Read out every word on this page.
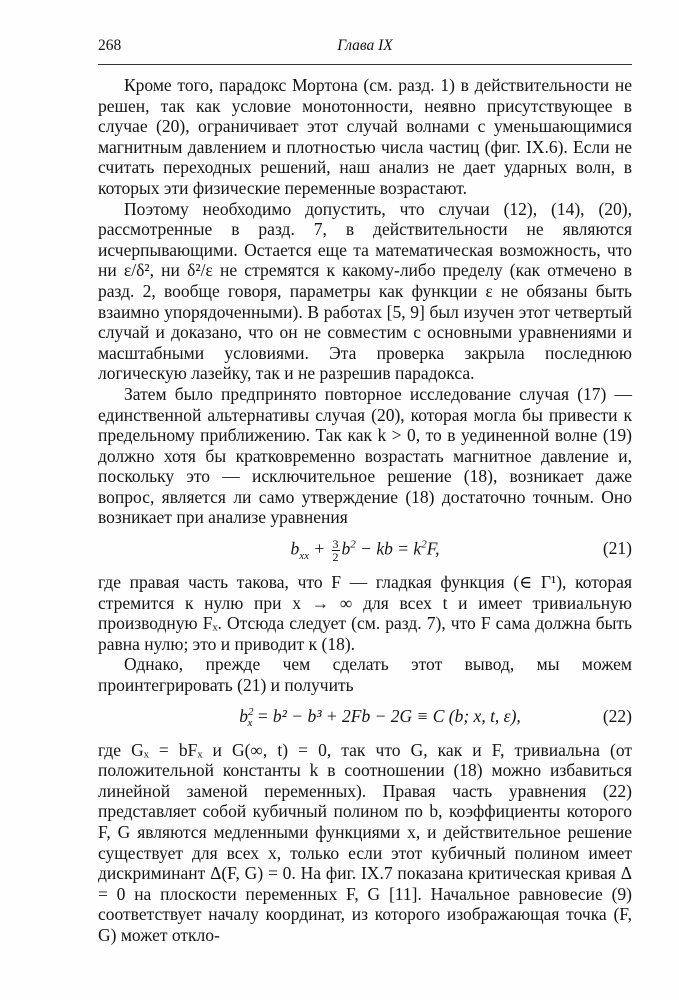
268	Глава IX

Кроме того, парадокс Мортона (см. разд. 1) в действительности не решен, так как условие монотонности, неявно присутствующее в случае (20), ограничивает этот случай волнами с уменьшающимися магнитным давлением и плотностью числа частиц (фиг. IX.6). Если не считать переходных решений, наш анализ не дает ударных волн, в которых эти физические переменные возрастают.

Поэтому необходимо допустить, что случаи (12), (14), (20), рассмотренные в разд. 7, в действительности не являются исчерпывающими. Остается еще та математическая возможность, что ни ε/δ², ни δ²/ε не стремятся к какому-либо пределу (как отмечено в разд. 2, вообще говоря, параметры как функции ε не обязаны быть взаимно упорядоченными). В работах [5, 9] был изучен этот четвертый случай и доказано, что он не совместим с основными уравнениями и масштабными условиями. Эта проверка закрыла последнюю логическую лазейку, так и не разрешив парадокса.

Затем было предпринято повторное исследование случая (17) — единственной альтернативы случая (20), которая могла бы привести к предельному приближению. Так как k > 0, то в уединенной волне (19) должно хотя бы кратковременно возрастать магнитное давление и, поскольку это — исключительное решение (18), возникает даже вопрос, является ли само утверждение (18) достаточно точным. Оно возникает при анализе уравнения

$b_{xx} + \frac{3}{2} b^2$ − kb = $k^2F$,	(21)

где правая часть такова, что F — гладкая функция (∈ Γ¹), которая стремится к нулю при x → ∞ для всех t и имеет тривиальную производную Fₓ. Отсюда следует (см. разд. 7), что F сама должна быть равна нулю; это и приводит к (18).

Однако, прежде чем сделать этот вывод, мы можем проинтегрировать (21) и получить

$b^2_x = b^2 - b^3 + 2Fb - 2G \equiv C$ (b; x, t, ε),	(22)

где Gₓ = bFₓ и G(∞, t) = 0, так что G, как и F, тривиальна (от положительной константы k в соотношении (18) можно избавиться линейной заменой переменных). Правая часть уравнения (22) представляет собой кубичный полином по b, коэффициенты которого F, G являются медленными функциями x, и действительное решение существует для всех x, только если этот кубичный полином имеет дискриминант Δ(F, G) = 0. На фиг. IX.7 показана критическая кривая Δ = 0 на плоскости переменных F, G [11]. Начальное равновесие (9) соответствует началу координат, из которого изображающая точка (F, G) может откло-
